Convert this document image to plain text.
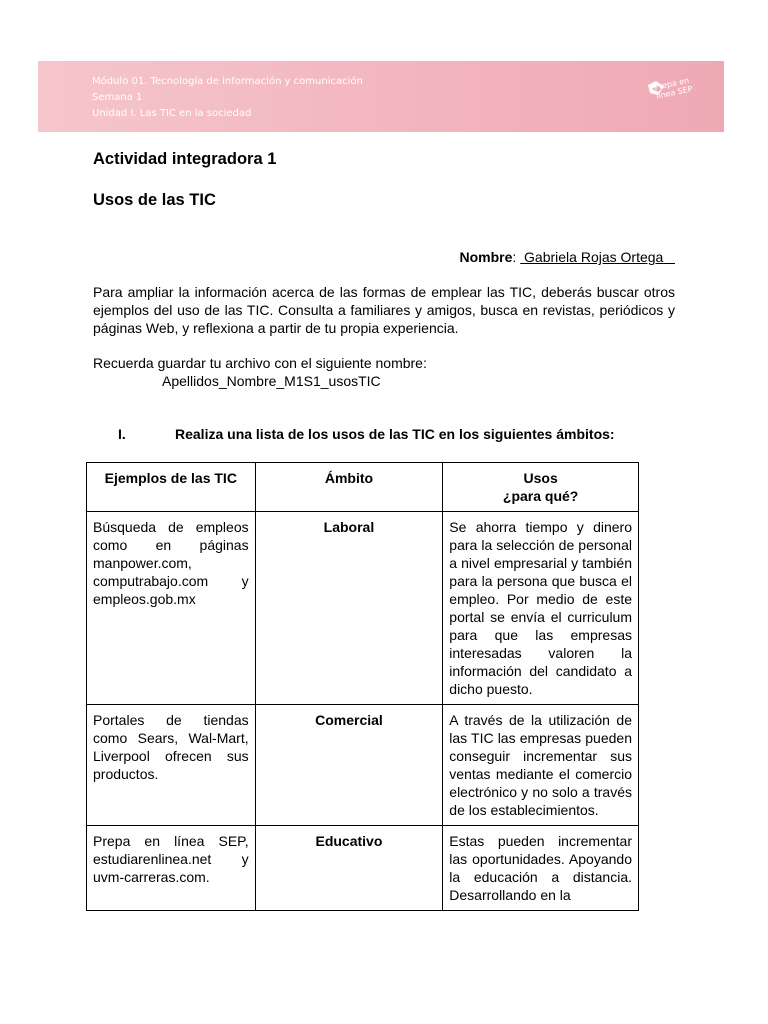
Módulo 01. Tecnología de información y comunicación
Semana 1
Unidad I. Las TIC en la sociedad
Prepa en línea SEP
Actividad integradora 1
Usos de las TIC
Nombre:  Gabriela Rojas Ortega

Para ampliar la información acerca de las formas de emplear las TIC, deberás buscar otros ejemplos del uso de las TIC. Consulta a familiares y amigos, busca en revistas, periódicos y páginas Web, y reflexiona a partir de tu propia experiencia.

Recuerda guardar tu archivo con el siguiente nombre:

Apellidos_Nombre_M1S1_usosTIC
I.	Realiza una lista de los usos de las TIC en los siguientes ámbitos:
Ejemplos de las TIC	Ámbito	Usos
¿para qué?

Búsqueda de empleos como en páginas manpower.com, computrabajo.com y empleos.gob.mx	Laboral	Se ahorra tiempo y dinero para la selección de personal a nivel empresarial y también para la persona que busca el empleo. Por medio de este portal se envía el curriculum para que las empresas interesadas valoren la información del candidato a dicho puesto.
Portales de tiendas como Sears, Wal-Mart, Liverpool ofrecen sus productos.	Comercial	A través de la utilización de las TIC las empresas pueden conseguir incrementar sus ventas mediante el comercio electrónico y no solo a través de los establecimientos.
Prepa en línea SEP, estudiarenlinea.net y uvm-carreras.com.	Educativo	Estas pueden incrementar las oportunidades. Apoyando la educación a distancia. Desarrollando en la
